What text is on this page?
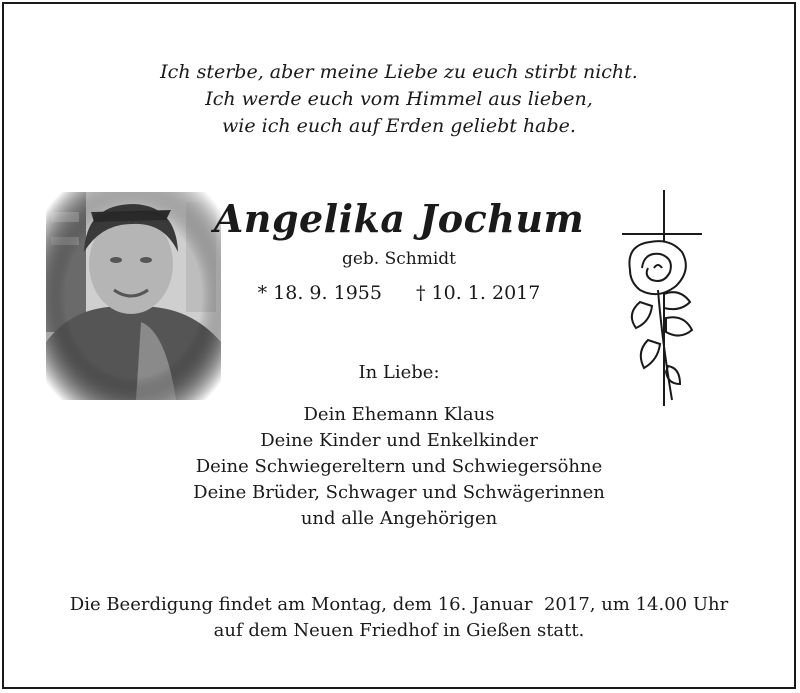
Ich sterbe, aber meine Liebe zu euch stirbt nicht.
Ich werde euch vom Himmel aus lieben,
wie ich euch auf Erden geliebt habe.
Angelika Jochum
geb. Schmidt
* 18. 9. 1955 † 10. 1. 2017
In Liebe:
Dein Ehemann Klaus
Deine Kinder und Enkelkinder
Deine Schwiegereltern und Schwiegersöhne
Deine Brüder, Schwager und Schwägerinnen
und alle Angehörigen
Die Beerdigung findet am Montag, dem 16. Januar  2017, um 14.00 Uhr
auf dem Neuen Friedhof in Gießen statt.
